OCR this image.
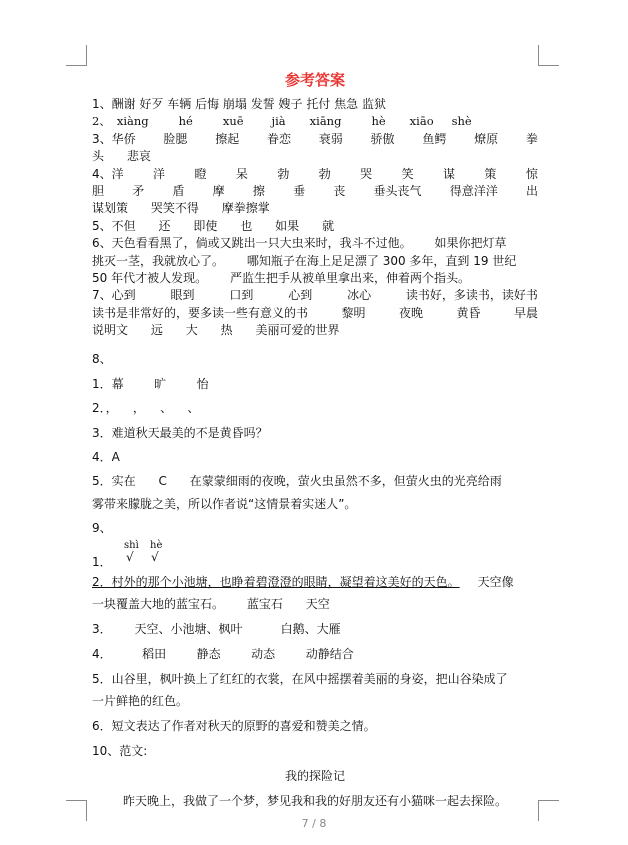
参考答案
1、酬谢 好歹 车辆 后悔 崩塌 发誓 嫂子 托付 焦急 监狱
2、 xiàng	hé	xuē jià xiāng	hè xiāo shè
3、华侨 脸腮 擦起 眷恋 衰弱 骄傲 鱼鳄 燎原 拳
头      悲哀
4、洋 洋 瞪 呆 勃 勃 哭 笑 谋 策 惊
胆 矛 盾 摩 擦 垂 丧 垂头丧气 得意洋洋 出
谋划策      哭笑不得      摩拳擦掌
5、不但      还      即使      也      如果      就
6、天色看看黑了，倘或又跳出一只大虫来时，我斗不过他。      如果你把灯草
挑灭一茎，我就放心了。      哪知瓶子在海上足足漂了 300 多年，直到 19 世纪
50 年代才被人发现。      严监生把手从被单里拿出来，伸着两个指头。
7、心到	眼到	口到	心到	冰心	读书好，多读书，读好书
读书是非常好的，要多读一些有意义的书	黎明	夜晚	黄昏	早晨
说明文      远      大      热      美丽可爱的世界
8、
1．幕        旷        怡
2．，    ，    、    、
3．难道秋天最美的不是黄昏吗？
4．A
5．实在      C      在蒙蒙细雨的夜晚，萤火虫虽然不多，但萤火虫的光亮给雨
雾带来朦胧之美，所以作者说“这情景着实迷人”。
9、
1．
shì hè
√ √
2．村外的那个小池塘，也睁着碧澄澄的眼睛，凝望着这美好的天色。 天空像
一块覆盖大地的蓝宝石。      蓝宝石      天空
3．      天空、小池塘、枫叶          白鹅、大雁
4．        稻田        静态        动态        动静结合
5．山谷里，枫叶换上了红红的衣裳，在风中摇摆着美丽的身姿，把山谷染成了
一片鲜艳的红色。
6．短文表达了作者对秋天的原野的喜爱和赞美之情。
10、范文:
我的探险记
昨天晚上，我做了一个梦，梦见我和我的好朋友还有小猫咪一起去探险。
7 / 8
